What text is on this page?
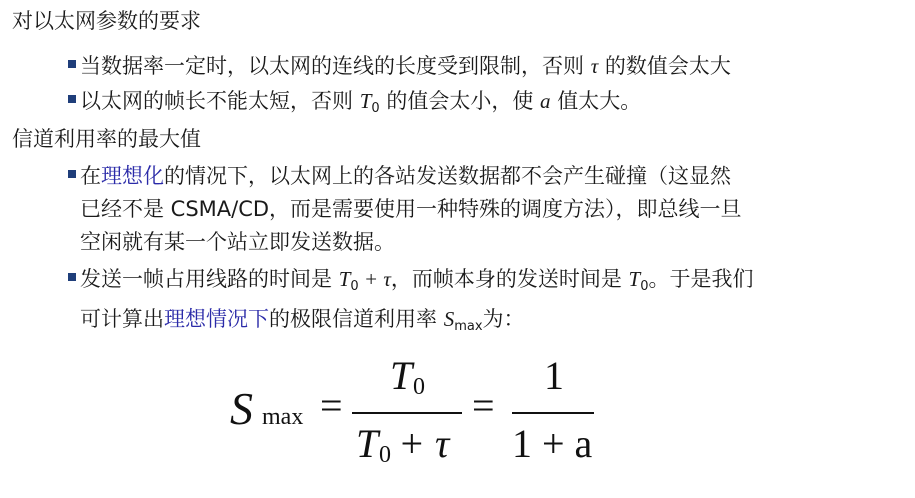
对以太网参数的要求
当数据率一定时，以太网的连线的长度受到限制，否则 τ 的数值会太大
以太网的帧长不能太短，否则 $T_0$ 的值会太小，使 a 值太大。
信道利用率的最大值
在理想化的情况下，以太网上的各站发送数据都不会产生碰撞（这显然
已经不是 CSMA/CD，而是需要使用一种特殊的调度方法），即总线一旦
空闲就有某一个站立即发送数据。
发送一帧占用线路的时间是 $T_0 + \tau$，而帧本身的发送时间是 $T_0$。于是我们
可计算出理想情况下的极限信道利用率 $S_{max}$为：
S max =
T 0
T 0 + τ
=
1
1 + a
